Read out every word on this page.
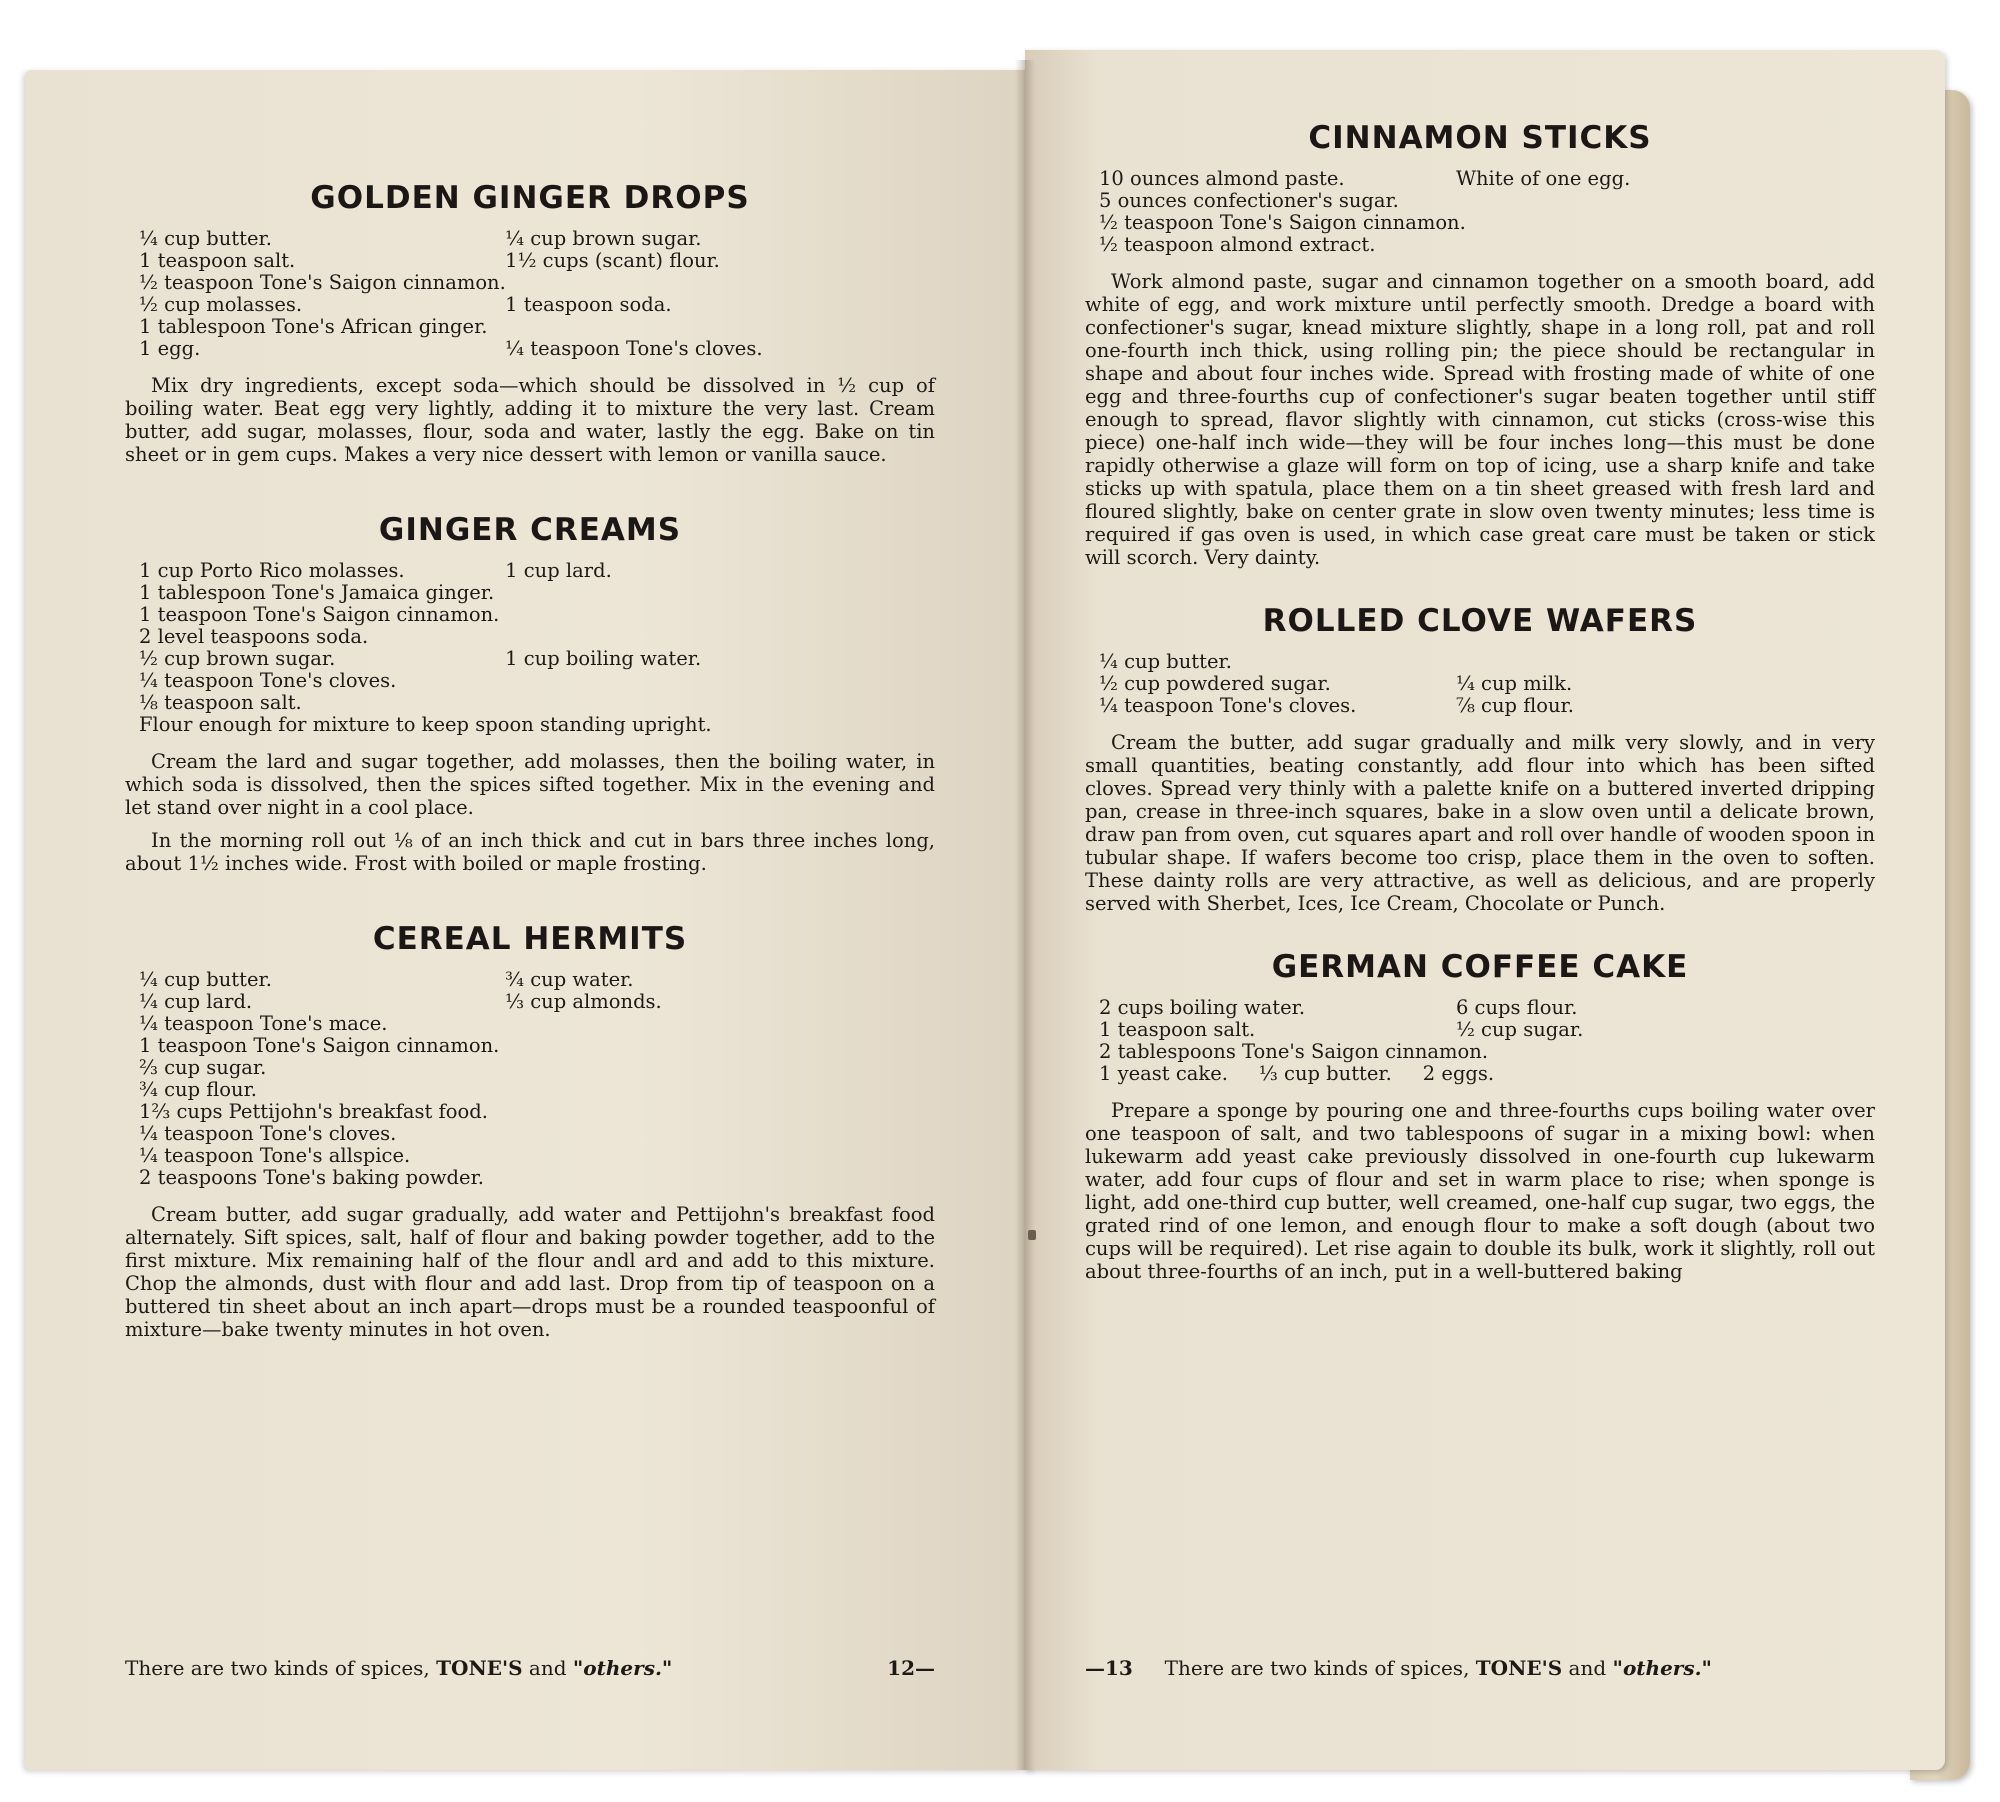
GOLDEN GINGER DROPS
¼ cup butter.	¼ cup brown sugar.
1 teaspoon salt.	1½ cups (scant) flour.
½ teaspoon Tone's Saigon cinnamon.
½ cup molasses.	1 teaspoon soda.
1 tablespoon Tone's African ginger.
1 egg.	¼ teaspoon Tone's cloves.

Mix dry ingredients, except soda—which should be dissolved in ½ cup of boiling water. Beat egg very lightly, adding it to mixture the very last. Cream butter, add sugar, molasses, flour, soda and water, lastly the egg. Bake on tin sheet or in gem cups. Makes a very nice dessert with lemon or vanilla sauce.

GINGER CREAMS
1 cup Porto Rico molasses.	1 cup lard.
1 tablespoon Tone's Jamaica ginger.
1 teaspoon Tone's Saigon cinnamon.
2 level teaspoons soda.
½ cup brown sugar.	1 cup boiling water.
¼ teaspoon Tone's cloves.
⅛ teaspoon salt.
Flour enough for mixture to keep spoon standing upright.

Cream the lard and sugar together, add molasses, then the boiling water, in which soda is dissolved, then the spices sifted together. Mix in the evening and let stand over night in a cool place.

In the morning roll out ⅛ of an inch thick and cut in bars three inches long, about 1½ inches wide. Frost with boiled or maple frosting.

CEREAL HERMITS
¼ cup butter.	¾ cup water.
¼ cup lard.	⅓ cup almonds.
¼ teaspoon Tone's mace.
1 teaspoon Tone's Saigon cinnamon.
⅔ cup sugar.
¾ cup flour.
1⅔ cups Pettijohn's breakfast food.
¼ teaspoon Tone's cloves.
¼ teaspoon Tone's allspice.
2 teaspoons Tone's baking powder.

Cream butter, add sugar gradually, add water and Pettijohn's breakfast food alternately. Sift spices, salt, half of flour and baking powder together, add to the first mixture. Mix remaining half of the flour andl ard and add to this mixture. Chop the almonds, dust with flour and add last. Drop from tip of teaspoon on a buttered tin sheet about an inch apart—drops must be a rounded teaspoonful of mixture—bake twenty minutes in hot oven.

There are two kinds of spices, TONE'S and "others."	12—
CINNAMON STICKS
10 ounces almond paste.	White of one egg.
5 ounces confectioner's sugar.
½ teaspoon Tone's Saigon cinnamon.
½ teaspoon almond extract.

Work almond paste, sugar and cinnamon together on a smooth board, add white of egg, and work mixture until perfectly smooth. Dredge a board with confectioner's sugar, knead mixture slightly, shape in a long roll, pat and roll one-fourth inch thick, using rolling pin; the piece should be rectangular in shape and about four inches wide. Spread with frosting made of white of one egg and three-fourths cup of confectioner's sugar beaten together until stiff enough to spread, flavor slightly with cinnamon, cut sticks (cross-wise this piece) one-half inch wide—they will be four inches long—this must be done rapidly otherwise a glaze will form on top of icing, use a sharp knife and take sticks up with spatula, place them on a tin sheet greased with fresh lard and floured slightly, bake on center grate in slow oven twenty minutes; less time is required if gas oven is used, in which case great care must be taken or stick will scorch. Very dainty.

ROLLED CLOVE WAFERS
¼ cup butter.
½ cup powdered sugar.	¼ cup milk.
¼ teaspoon Tone's cloves.	⅞ cup flour.

Cream the butter, add sugar gradually and milk very slowly, and in very small quantities, beating constantly, add flour into which has been sifted cloves. Spread very thinly with a palette knife on a buttered inverted dripping pan, crease in three-inch squares, bake in a slow oven until a delicate brown, draw pan from oven, cut squares apart and roll over handle of wooden spoon in tubular shape. If wafers become too crisp, place them in the oven to soften. These dainty rolls are very attractive, as well as delicious, and are properly served with Sherbet, Ices, Ice Cream, Chocolate or Punch.

GERMAN COFFEE CAKE
2 cups boiling water.	6 cups flour.
1 teaspoon salt.	½ cup sugar.
2 tablespoons Tone's Saigon cinnamon.
1 yeast cake.     ⅓ cup butter.     2 eggs.

Prepare a sponge by pouring one and three-fourths cups boiling water over one teaspoon of salt, and two tablespoons of sugar in a mixing bowl: when lukewarm add yeast cake previously dissolved in one-fourth cup lukewarm water, add four cups of flour and set in warm place to rise; when sponge is light, add one-third cup butter, well creamed, one-half cup sugar, two eggs, the grated rind of one lemon, and enough flour to make a soft dough (about two cups will be required). Let rise again to double its bulk, work it slightly, roll out about three-fourths of an inch, put in a well-buttered baking

—13 There are two kinds of spices, TONE'S and "others."
